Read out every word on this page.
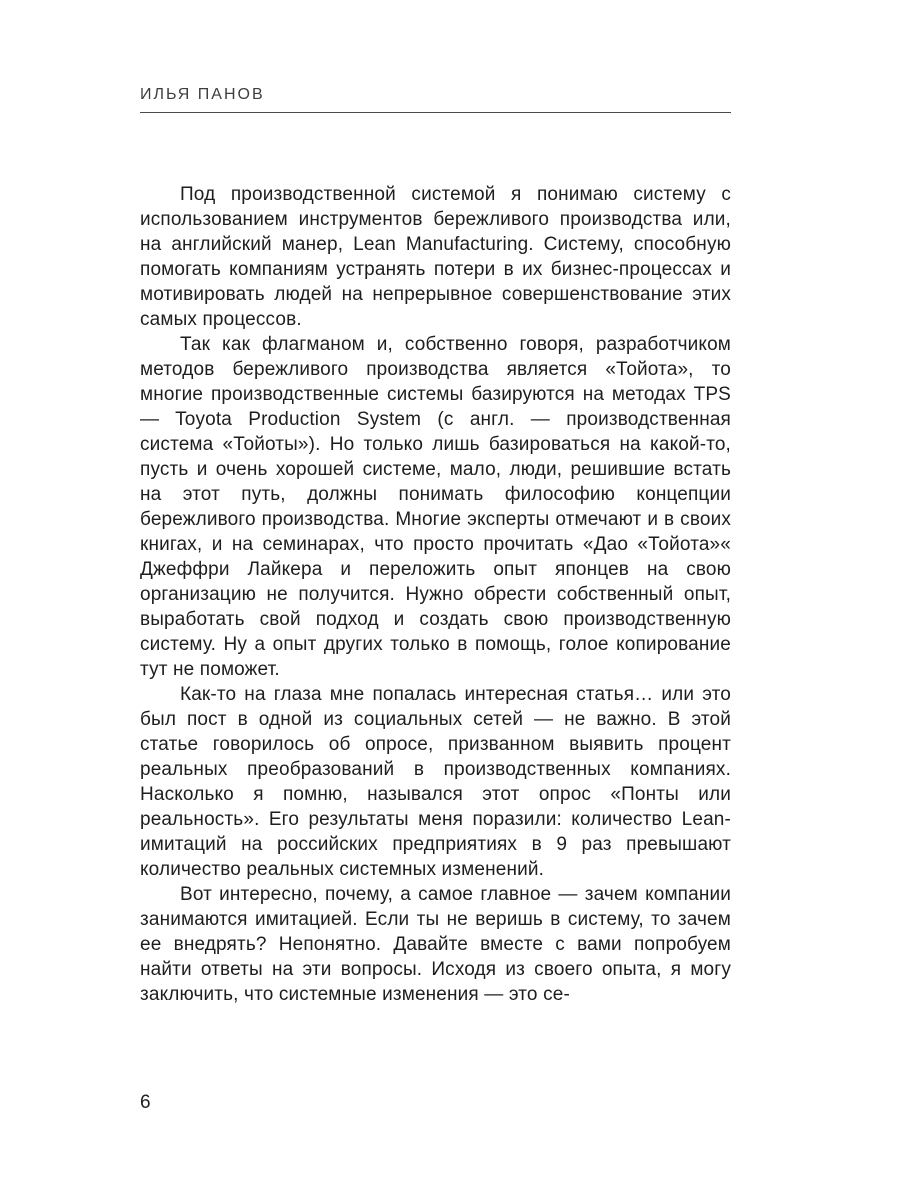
ИЛЬЯ ПАНОВ

Под производственной системой я понимаю систему с использованием инструментов бережливого производства или, на английский манер, Lean Manufacturing. Систему, способную помогать компаниям устранять потери в их бизнес-процессах и мотивировать людей на непрерывное совершенствование этих самых процессов.

Так как флагманом и, собственно говоря, разработчиком методов бережливого производства является «Тойота», то многие производственные системы базируются на методах TPS — Toyota Production System (с англ. — производственная система «Тойоты»). Но только лишь базироваться на какой-то, пусть и очень хорошей системе, мало, люди, решившие встать на этот путь, должны понимать философию концепции бережливого производства. Многие эксперты отмечают и в своих книгах, и на семинарах, что просто прочитать «Дао «Тойота»« Джеффри Лайкера и переложить опыт японцев на свою организацию не получится. Нужно обрести собственный опыт, выработать свой подход и создать свою производственную систему. Ну а опыт других только в помощь, голое копирование тут не поможет.

Как-то на глаза мне попалась интересная статья… или это был пост в одной из социальных сетей — не важно. В этой статье говорилось об опросе, призванном выявить процент реальных преобразований в производственных компаниях. Насколько я помню, назывался этот опрос «Понты или реальность». Его результаты меня поразили: количество Lean-имитаций на российских предприятиях в 9 раз превышают количество реальных системных изменений.

Вот интересно, почему, а самое главное — зачем компании занимаются имитацией. Если ты не веришь в систему, то зачем ее внедрять? Непонятно. Давайте вместе с вами попробуем найти ответы на эти вопросы. Исходя из своего опыта, я могу заключить, что системные изменения — это се-

6
